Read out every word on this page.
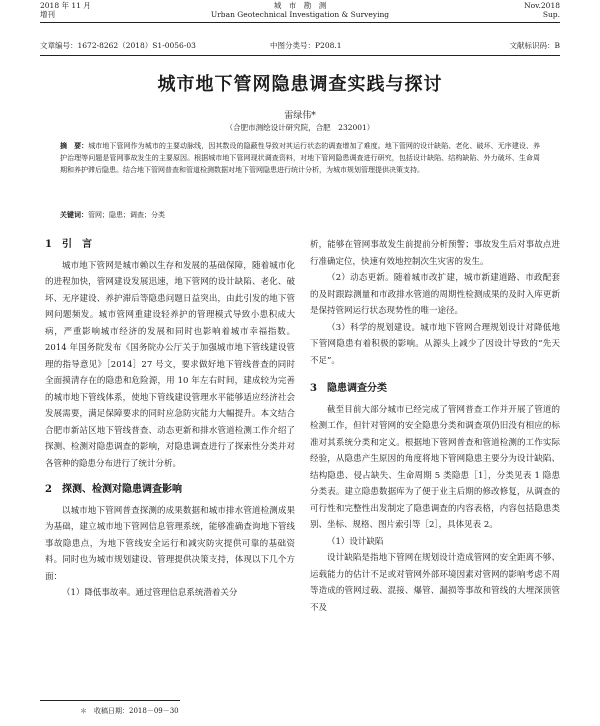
2018 年 11 月
增刊
城　市　勘　测
Urban Geotechnical Investigation & Surveying
Nov.2018
Sup.
文章编号：1672-8262（2018）S1-0056-03	中图分类号：P208.1	文献标识码：B
城市地下管网隐患调查实践与探讨
雷绿伟*
（合肥市测绘设计研究院，合肥　232001）
摘　要：城市地下管网作为城市的主要动脉线，因其数设的隐蔽性导致对其运行状态的调查增加了难度。地下管网的设计缺陷、老化、破坏、无序建设、养护治理等问题是管网事故发生的主要原因。根据城市地下管网现状调查资料，对地下管网隐患调查进行研究，包括设计缺陷、结构缺陷、外力破坏、生命周期和养护滞后隐患。结合地下管网普查和管道检测数据对地下管网隐患进行统计分析，为城市规划管理提供决策支持。
关键词：管网；隐患；调查；分类
1　引　言

城市地下管网是城市赖以生存和发展的基础保障，随着城市化的进程加快，管网建设发展迅速，地下管网的设计缺陷、老化、破坏、无序建设、养护滞后等隐患问题日益突出，由此引发的地下管网问题频发。城市管网重建设轻养护的管理模式导致小患积成大病，严重影响城市经济的发展和同时也影响着城市幸福指数。2014 年国务院发布《国务院办公厅关于加强城市地下管线建设管理的指导意见》［2014］27 号文，要求做好地下管线普查的同时全面摸清存在的隐患和危险源，用 10 年左右时间，建成较为完善的城市地下管线体系，使地下管线建设管理水平能够适应经济社会发展需要，满足保障要求的同时应急防灾能力大幅提升。本文结合合肥市新站区地下管线普查、动态更新和排水管道检测工作介绍了探测、检测对隐患调查的影响，对隐患调查进行了探索性分类并对各管种的隐患分布进行了统计分析。

2　探测、检测对隐患调查影响

以城市地下管网普查探测的成果数据和城市排水管道检测成果为基础，建立城市地下管网信息管理系统，能够准确查询地下管线事故隐患点，为地下管线安全运行和减灾防灾提供可靠的基础资料。同时也为城市规划建设、管理提供决策支持，体现以下几个方面：

（1）降低事故率。通过管理信息系统潜着关分

析，能够在管网事故发生前提前分析预警；事故发生后对事故点进行准确定位，快速有效地控制次生灾害的发生。

（2）动态更新。随着城市改扩建，城市新建道路、市政配套的及时跟踪测量和市政排水管道的周期性检测成果的及时入库更新是保持管网运行状态现势性的唯一途径。

（3）科学的规划建设。城市地下管网合理规划设计对降低地下管网隐患有着积极的影响。从源头上减少了因设计导致的“先天不足”。

3　隐患调查分类

截至目前大部分城市已经完成了管网普查工作并开展了管道的检测工作，但针对管网的安全隐患分类和调查项仍旧没有相应的标准对其系统分类和定义。根据地下管网普查和管道检测的工作实际经验，从隐患产生原因的角度将地下管网隐患主要分为设计缺陷、结构隐患、侵占缺失、生命周期 5 类隐患［1］，分类见表 1 隐患分类表。建立隐患数据库为了便于业主后期的修改修复，从调查的可行性和完整性出发制定了隐患调查的内容表格，内容包括隐患类别、坐标、规格、图片索引等［2］，具体见表 2。

（1）设计缺陷

设计缺陷是指地下管网在规划设计造成管网的安全距离不够、运载能力的估计不足或对管网外部环境因素对管网的影响考虑不周等造成的管网过载、混接、爆管、漏损等事故和管线的大埋深顶管不及

＊　收稿日期：2018－09－30
